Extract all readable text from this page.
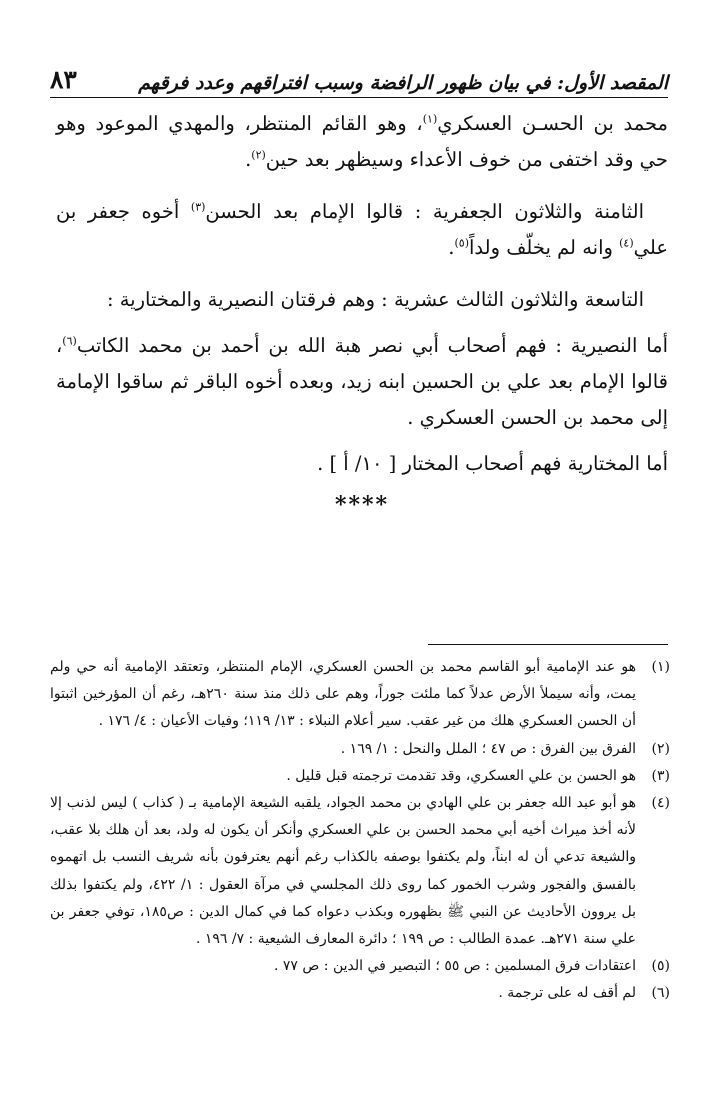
المقصد الأول: في بيان ظهور الرافضة وسبب افتراقهم وعدد فرقهم
٨٣

محمد بن الحسـن العسكري$^{(١)}$، وهو القائم المنتظر، والمهدي الموعود وهو حي وقد اختفى من خوف الأعداء وسيظهر بعد حين$^{(٢)}$.

الثامنة والثلاثون الجعفرية : قالوا الإمام بعد الحسن$^{(٣)}$ أخوه جعفر بن علي$^{(٤)}$ وانه لم يخلّف ولداً$^{(٥)}$.

التاسعة والثلاثون الثالث عشرية : وهم فرقتان النصيرية والمختارية :

أما النصيرية : فهم أصحاب أبي نصر هبة الله بن أحمد بن محمد الكاتب$^{(٦)}$، قالوا الإمام بعد علي بن الحسين ابنه زيد، وبعده أخوه الباقر ثم ساقوا الإمامة إلى محمد بن الحسن العسكري .

أما المختارية فهم أصحاب المختار [ ١٠/ أ ] .

****
(١)
هو عند الإمامية أبو القاسم محمد بن الحسن العسكري، الإمام المنتظر، وتعتقد الإمامية أنه حي ولم يمت، وأنه سيملأ الأرض عدلاً كما ملئت جوراً، وهم على ذلك منذ سنة ٢٦٠هـ، رغم أن المؤرخين اثبتوا أن الحسن العسكري هلك من غير عقب. سير أعلام النبلاء : ١٣/ ١١٩؛ وفيات الأعيان : ٤/ ١٧٦ .
(٢)
الفرق بين الفرق : ص ٤٧ ؛ الملل والنحل : ١/ ١٦٩ .
(٣)
هو الحسن بن علي العسكري، وقد تقدمت ترجمته قبل قليل .
(٤)
هو أبو عبد الله جعفر بن علي الهادي بن محمد الجواد، يلقبه الشيعة الإمامية بـ ( كذاب ) ليس لذنب إلا لأنه أخذ ميراث أخيه أبي محمد الحسن بن علي العسكري وأنكر أن يكون له ولد، بعد أن هلك بلا عقب، والشيعة تدعي أن له ابناً، ولم يكتفوا بوصفه بالكذاب رغم أنهم يعترفون بأنه شريف النسب بل اتهموه بالفسق والفجور وشرب الخمور كما روى ذلك المجلسي في مرآة العقول : ١/ ٤٢٢، ولم يكتفوا بذلك بل يروون الأحاديث عن النبي ﷺ بظهوره وبكذب دعواه كما في كمال الدين : ص١٨٥، توفي جعفر بن علي سنة ٢٧١هـ. عمدة الطالب : ص ١٩٩ ؛ دائرة المعارف الشيعية : ٧/ ١٩٦ .
(٥)
اعتقادات فرق المسلمين : ص ٥٥ ؛ التبصير في الدين : ص ٧٧ .
(٦)
لم أقف له على ترجمة .
